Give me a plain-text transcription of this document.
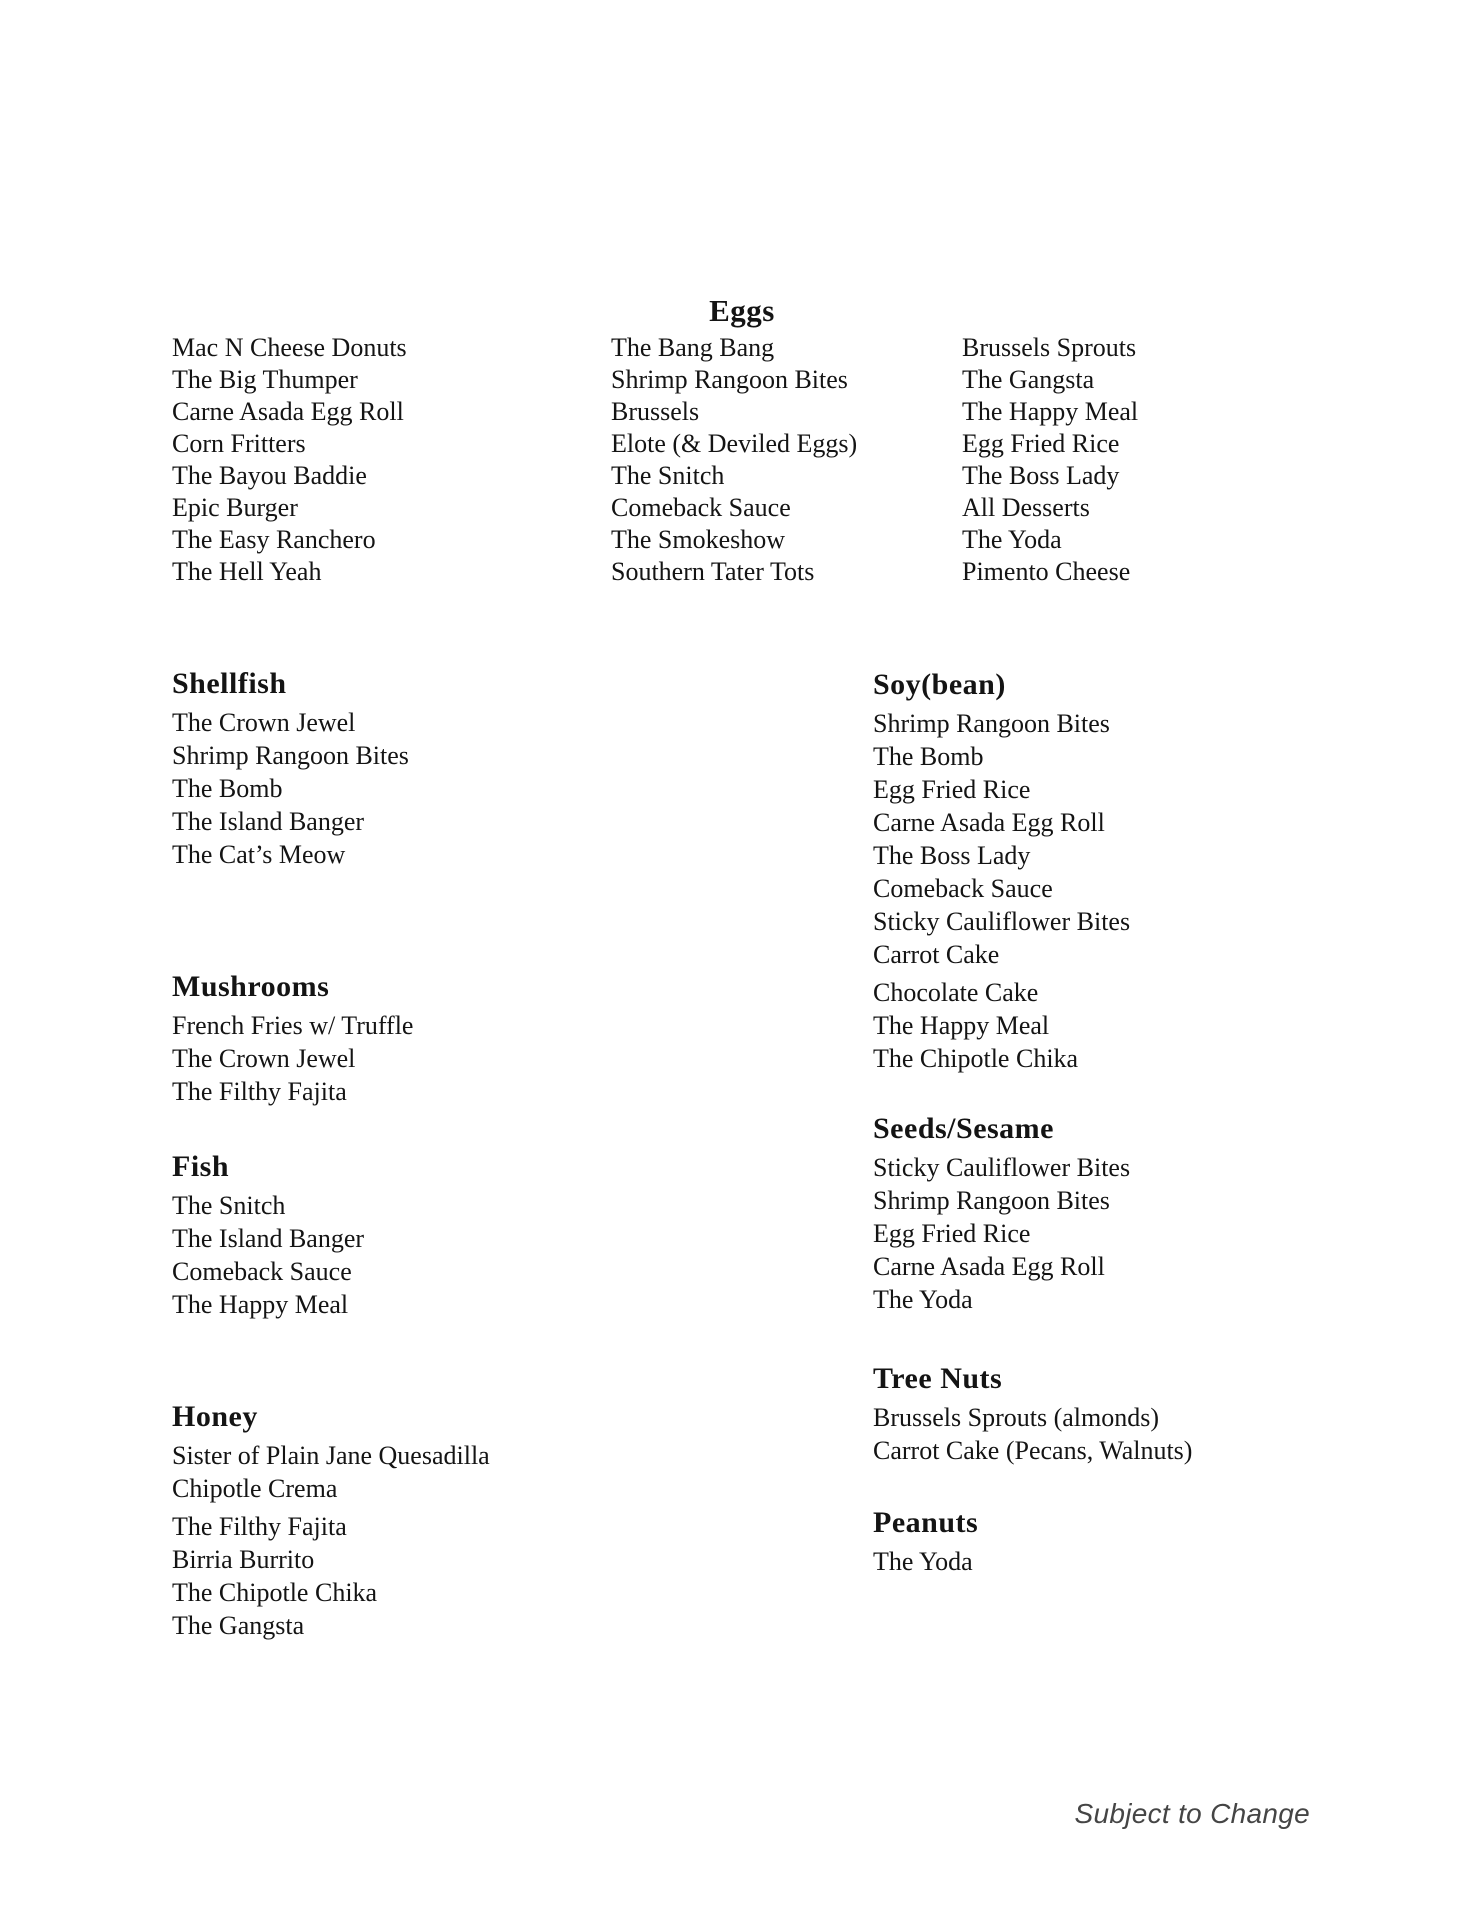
Eggs
Mac N Cheese Donuts
The Big Thumper
Carne Asada Egg Roll
Corn Fritters
The Bayou Baddie
Epic Burger
The Easy Ranchero
The Hell Yeah
The Bang Bang
Shrimp Rangoon Bites
Brussels
Elote (& Deviled Eggs)
The Snitch
Comeback Sauce
The Smokeshow
Southern Tater Tots
Brussels Sprouts
The Gangsta
The Happy Meal
Egg Fried Rice
The Boss Lady
All Desserts
The Yoda
Pimento Cheese
Shellfish
The Crown Jewel
Shrimp Rangoon Bites
The Bomb
The Island Banger
The Cat’s Meow
Mushrooms
French Fries w/ Truffle
The Crown Jewel
The Filthy Fajita
Fish
The Snitch
The Island Banger
Comeback Sauce
The Happy Meal
Honey
Sister of Plain Jane Quesadilla
Chipotle Crema
The Filthy Fajita
Birria Burrito
The Chipotle Chika
The Gangsta
Soy(bean)
Shrimp Rangoon Bites
The Bomb
Egg Fried Rice
Carne Asada Egg Roll
The Boss Lady
Comeback Sauce
Sticky Cauliflower Bites
Carrot Cake
Chocolate Cake
The Happy Meal
The Chipotle Chika
Seeds/Sesame
Sticky Cauliflower Bites
Shrimp Rangoon Bites
Egg Fried Rice
Carne Asada Egg Roll
The Yoda
Tree Nuts
Brussels Sprouts (almonds)
Carrot Cake (Pecans, Walnuts)
Peanuts
The Yoda
Subject to Change
